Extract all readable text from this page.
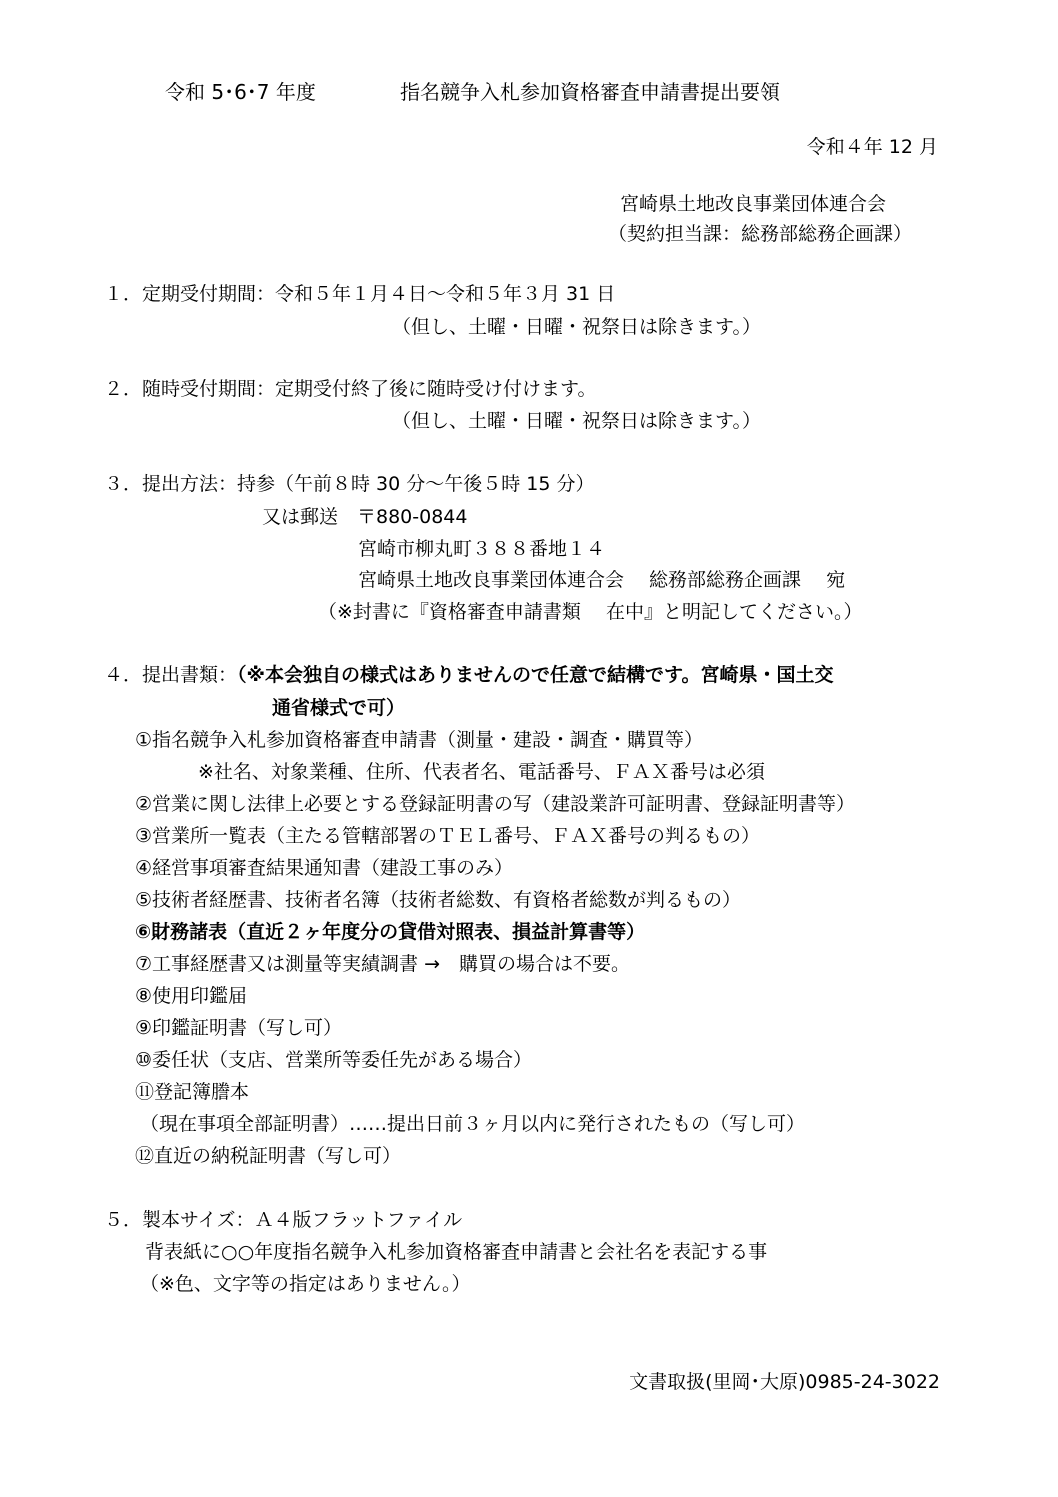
令和 5･6･7 年度	指名競争入札参加資格審査申請書提出要領
令和４年 12 月
宮崎県土地改良事業団体連合会
（契約担当課：総務部総務企画課）
１．定期受付期間：令和５年１月４日～令和５年３月 31 日
（但し、土曜・日曜・祝祭日は除きます。）
２．随時受付期間：定期受付終了後に随時受け付けます。
（但し、土曜・日曜・祝祭日は除きます。）
３．提出方法：持参（午前８時 30 分～午後５時 15 分）
又は郵送　〒880-0844
宮崎市柳丸町３８８番地１４
宮崎県土地改良事業団体連合会　 総務部総務企画課　 宛
（※封書に『資格審査申請書類　 在中』と明記してください。）
４．提出書類：（※本会独自の様式はありませんので任意で結構です。宮崎県・国土交
通省様式で可）
①指名競争入札参加資格審査申請書（測量・建設・調査・購買等）
※社名、対象業種、住所、代表者名、電話番号、ＦＡＸ番号は必須
②営業に関し法律上必要とする登録証明書の写（建設業許可証明書、登録証明書等）
③営業所一覧表（主たる管轄部署のＴＥＬ番号、ＦＡＸ番号の判るもの）
④経営事項審査結果通知書（建設工事のみ）
⑤技術者経歴書、技術者名簿（技術者総数、有資格者総数が判るもの）
⑥財務諸表（直近２ヶ年度分の貸借対照表、損益計算書等）
⑦工事経歴書又は測量等実績調書 →　購買の場合は不要。
⑧使用印鑑届
⑨印鑑証明書（写し可）
⑩委任状（支店、営業所等委任先がある場合）
⑪登記簿謄本
（現在事項全部証明書）……提出日前３ヶ月以内に発行されたもの（写し可）
⑫直近の納税証明書（写し可）
５．製本サイズ：Ａ４版フラットファイル
背表紙に○○年度指名競争入札参加資格審査申請書と会社名を表記する事
（※色、文字等の指定はありません。）
文書取扱(里岡･大原)0985-24-3022
